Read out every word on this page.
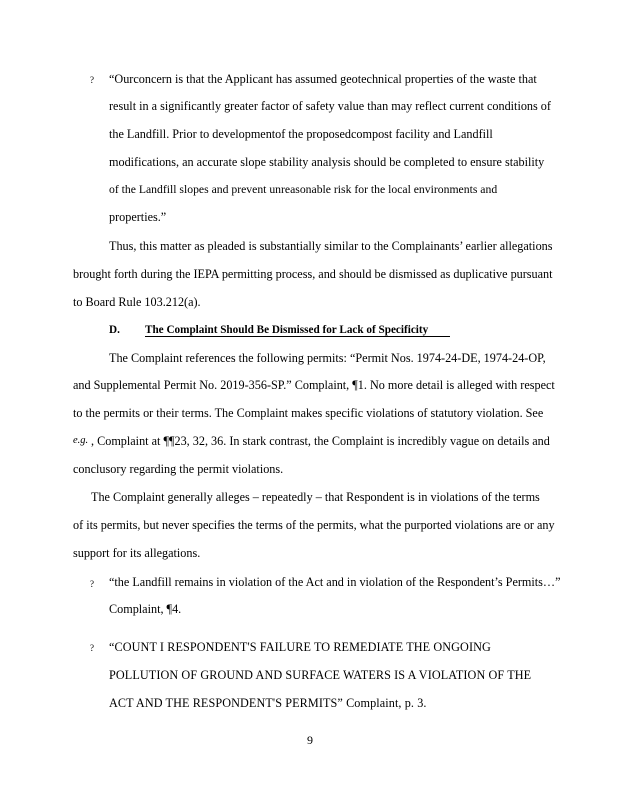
? “Ourconcern is that the Applicant has assumed geotechnical properties of the waste that
result in a significantly greater factor of safety value than may reflect current conditions of
the Landfill. Prior to developmentof the proposedcompost facility and Landfill
modifications, an accurate slope stability analysis should be completed to ensure stability
of the Landfill slopes and prevent unreasonable risk for the local environments and
properties.”
Thus, this matter as pleaded is substantially similar to the Complainants’ earlier allegations
brought forth during the IEPA permitting process, and should be dismissed as duplicative pursuant
to Board Rule 103.212(a).
D. The Complaint Should Be Dismissed for Lack of Specificity
The Complaint references the following permits: “Permit Nos. 1974-24-DE, 1974-24-OP,
and Supplemental Permit No. 2019-356-SP.” Complaint, ¶1. No more detail is alleged with respect
to the permits or their terms. The Complaint makes specific violations of statutory violation. See
e.g. , Complaint at ¶¶23, 32, 36. In stark contrast, the Complaint is incredibly vague on details and
conclusory regarding the permit violations.
The Complaint generally alleges – repeatedly – that Respondent is in violations of the terms
of its permits, but never specifies the terms of the permits, what the purported violations are or any
support for its allegations.
? “the Landfill remains in violation of the Act and in violation of the Respondent’s Permits…”
Complaint, ¶4.
? “COUNT I RESPONDENT'S FAILURE TO REMEDIATE THE ONGOING
POLLUTION OF GROUND AND SURFACE WATERS IS A VIOLATION OF THE
ACT AND THE RESPONDENT'S PERMITS” Complaint, p. 3.
9
